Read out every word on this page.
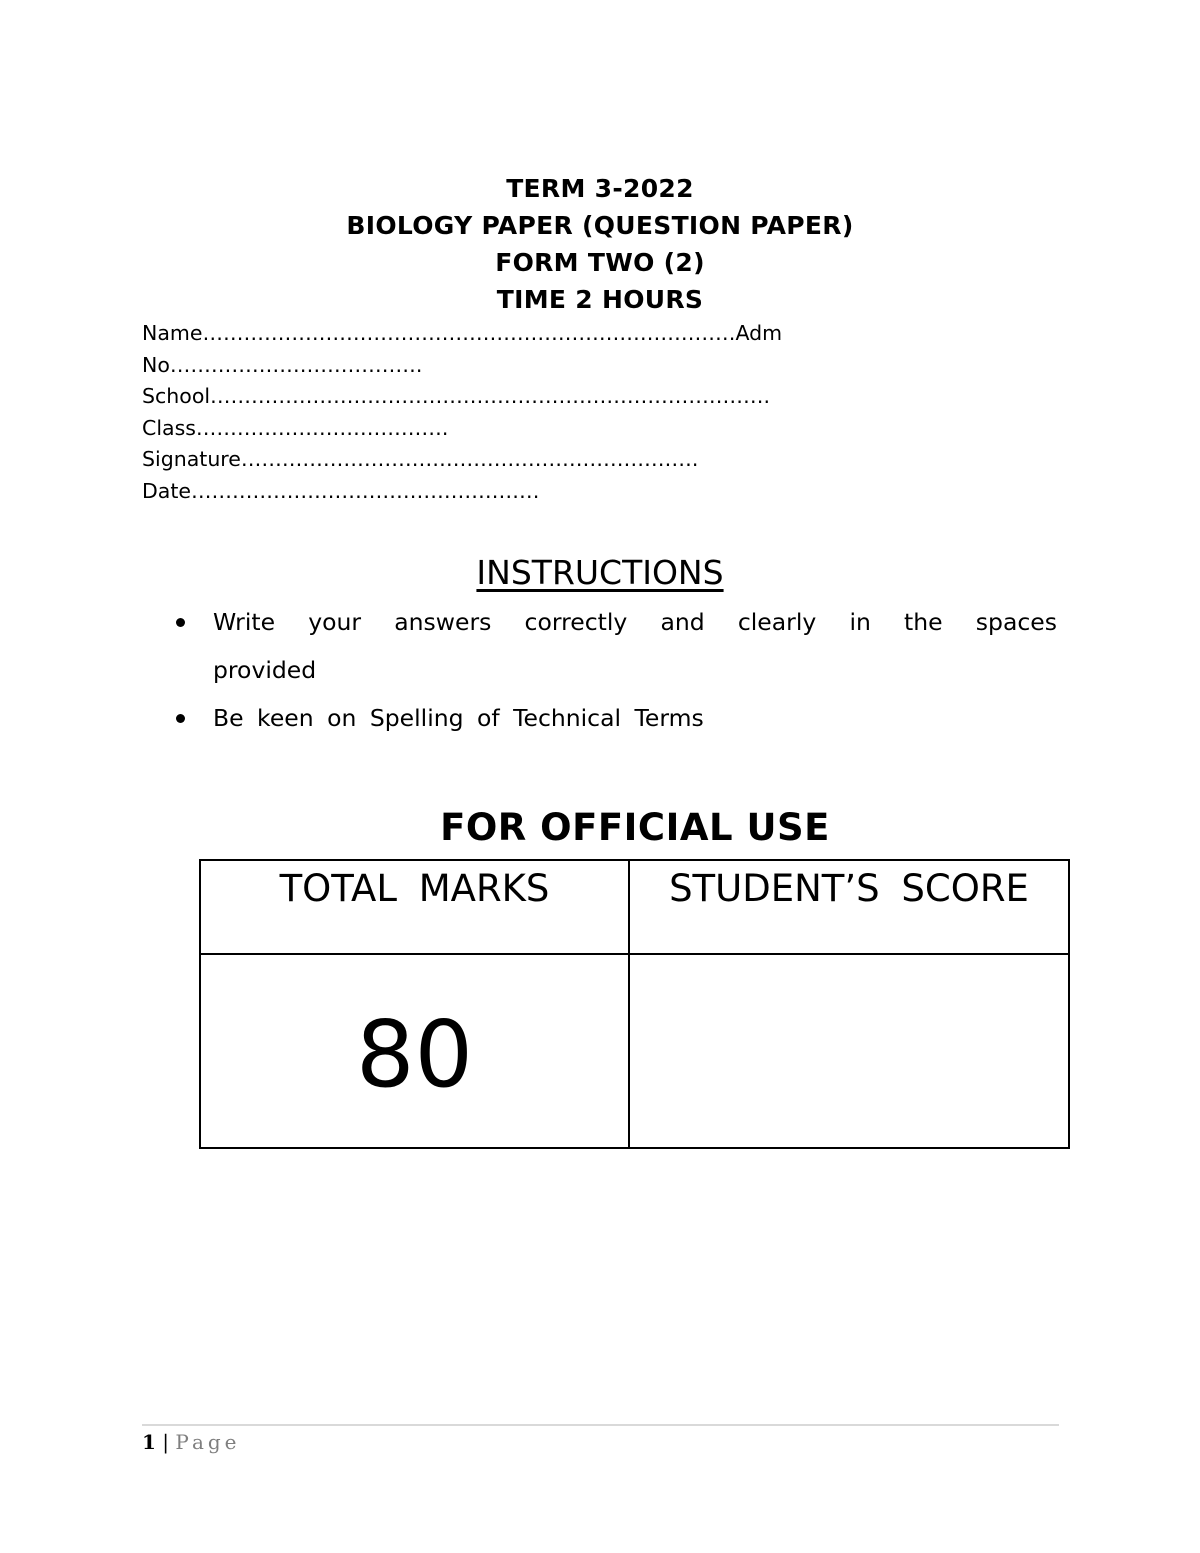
TERM 3-2022
BIOLOGY PAPER (QUESTION PAPER)
FORM TWO (2)
TIME 2 HOURS
Name……………………………………………………………………Adm
No……………………………….
School……………………………………………………………………….
Class……………………………….
Signature………………………………………………………….
Date……………………………………………
INSTRUCTIONS
Write your answers correctly and clearly in the spaces provided
Be keen on Spelling of Technical Terms
FOR OFFICIAL USE
TOTAL MARKS	STUDENT’S SCORE

80	

1 | Page
